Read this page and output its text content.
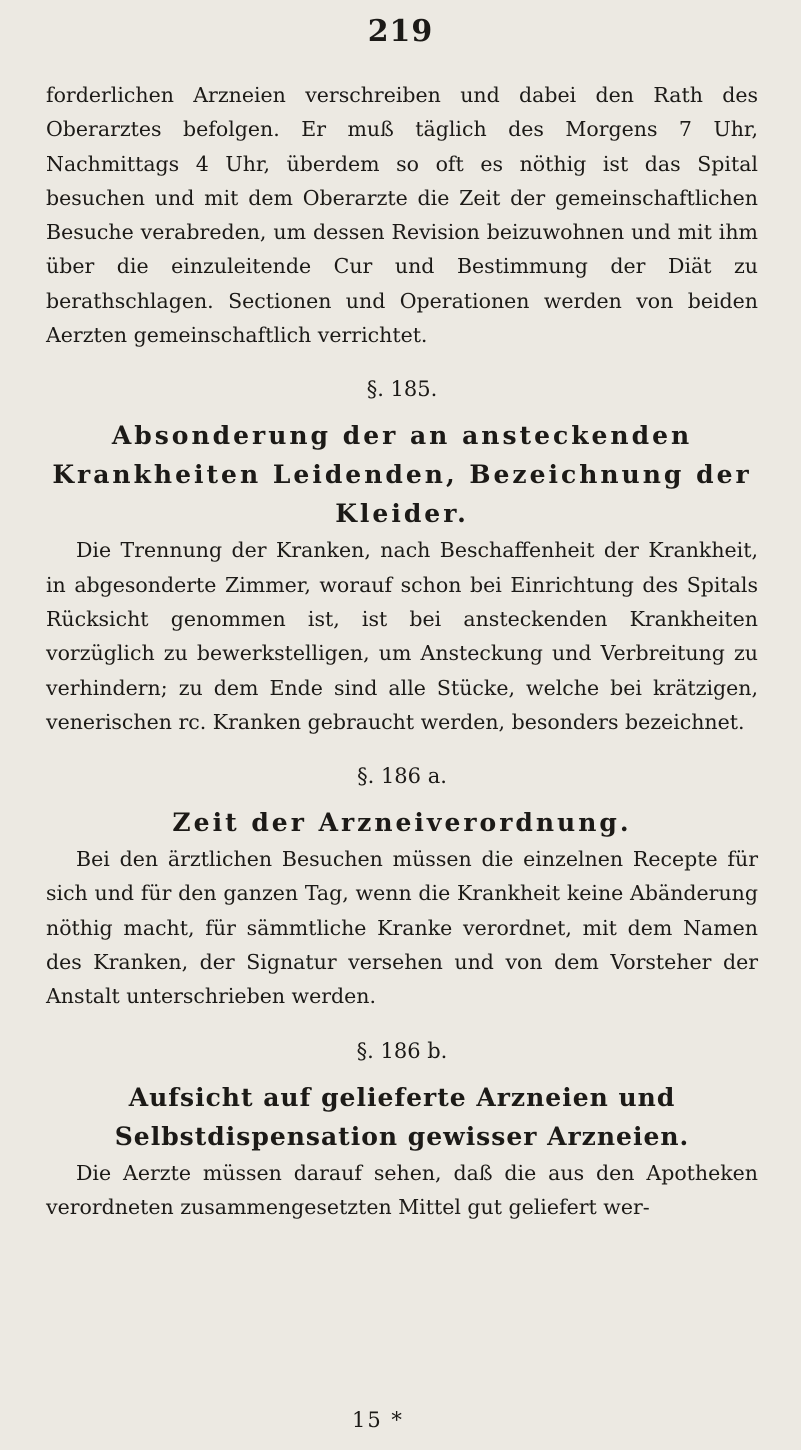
219

forderlichen Arzneien verschreiben und dabei den Rath des Oberarztes befolgen. Er muß täglich des Morgens 7 Uhr, Nachmittags 4 Uhr, überdem so oft es nöthig ist das Spital besuchen und mit dem Oberarzte die Zeit der gemeinschaftlichen Besuche verabreden, um dessen Revision beizuwohnen und mit ihm über die einzuleitende Cur und Bestimmung der Diät zu berathschlagen. Sectionen und Operationen werden von beiden Aerzten gemeinschaftlich verrichtet.

§. 185.
Absonderung der an ansteckenden Krankheiten Leidenden, Bezeichnung der Kleider.

Die Trennung der Kranken, nach Beschaffenheit der Krankheit, in abgesonderte Zimmer, worauf schon bei Einrichtung des Spitals Rücksicht genommen ist, ist bei ansteckenden Krankheiten vorzüglich zu bewerkstelligen, um Ansteckung und Verbreitung zu verhindern; zu dem Ende sind alle Stücke, welche bei krätzigen, venerischen rc. Kranken gebraucht werden, besonders bezeichnet.

§. 186 a.
Zeit der Arzneiverordnung.

Bei den ärztlichen Besuchen müssen die einzelnen Recepte für sich und für den ganzen Tag, wenn die Krankheit keine Abänderung nöthig macht, für sämmtliche Kranke verordnet, mit dem Namen des Kranken, der Signatur versehen und von dem Vorsteher der Anstalt unterschrieben werden.

§. 186 b.
Aufsicht auf gelieferte Arzneien und Selbstdispensation gewisser Arzneien.

Die Aerzte müssen darauf sehen, daß die aus den Apotheken verordneten zusammengesetzten Mittel gut geliefert wer-

15 *
